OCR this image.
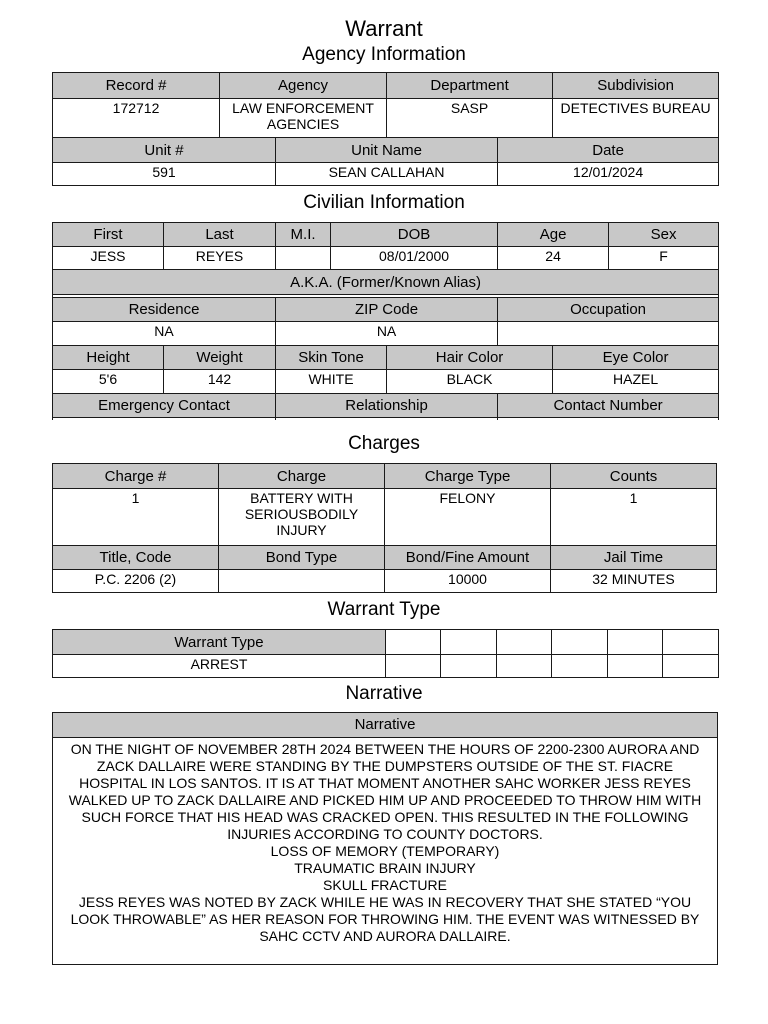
Warrant
Agency Information
Record #	Agency		Department		Subdivision
172712	LAW ENFORCEMENT
AGENCIES		SASP		DETECTIVES BUREAU
Unit #		Unit Name		Date	
591		SEAN CALLAHAN		12/01/2024	
Civilian Information
First	Last	M.I.	DOB		Age		Sex
JESS	REYES		08/01/2000		24		F
A.K.A. (Former/Known Alias)							

Residence		ZIP Code			Occupation		
NA		NA					
Height	Weight	Skin Tone		Hair Color		Eye Color	
5'6	142	WHITE		BLACK		HAZEL	
Emergency Contact		Relationship			Contact Number		

Charges
Charge #	Charge	Charge Type	Counts
1	BATTERY WITH
SERIOUSBODILY
INJURY	FELONY	1
Title, Code	Bond Type	Bond/Fine Amount	Jail Time
P.C. 2206 (2)		10000	32 MINUTES
Warrant Type
Warrant Type						
ARREST						
Narrative
Narrative
ON THE NIGHT OF NOVEMBER 28TH 2024 BETWEEN THE HOURS OF 2200-2300 AURORA AND
ZACK DALLAIRE WERE STANDING BY THE DUMPSTERS OUTSIDE OF THE ST. FIACRE
HOSPITAL IN LOS SANTOS. IT IS AT THAT MOMENT ANOTHER SAHC WORKER JESS REYES
WALKED UP TO ZACK DALLAIRE AND PICKED HIM UP AND PROCEEDED TO THROW HIM WITH
SUCH FORCE THAT HIS HEAD WAS CRACKED OPEN. THIS RESULTED IN THE FOLLOWING
INJURIES ACCORDING TO COUNTY DOCTORS.
LOSS OF MEMORY (TEMPORARY)
TRAUMATIC BRAIN INJURY
SKULL FRACTURE
JESS REYES WAS NOTED BY ZACK WHILE HE WAS IN RECOVERY THAT SHE STATED “YOU
LOOK THROWABLE” AS HER REASON FOR THROWING HIM. THE EVENT WAS WITNESSED BY
SAHC CCTV AND AURORA DALLAIRE.
